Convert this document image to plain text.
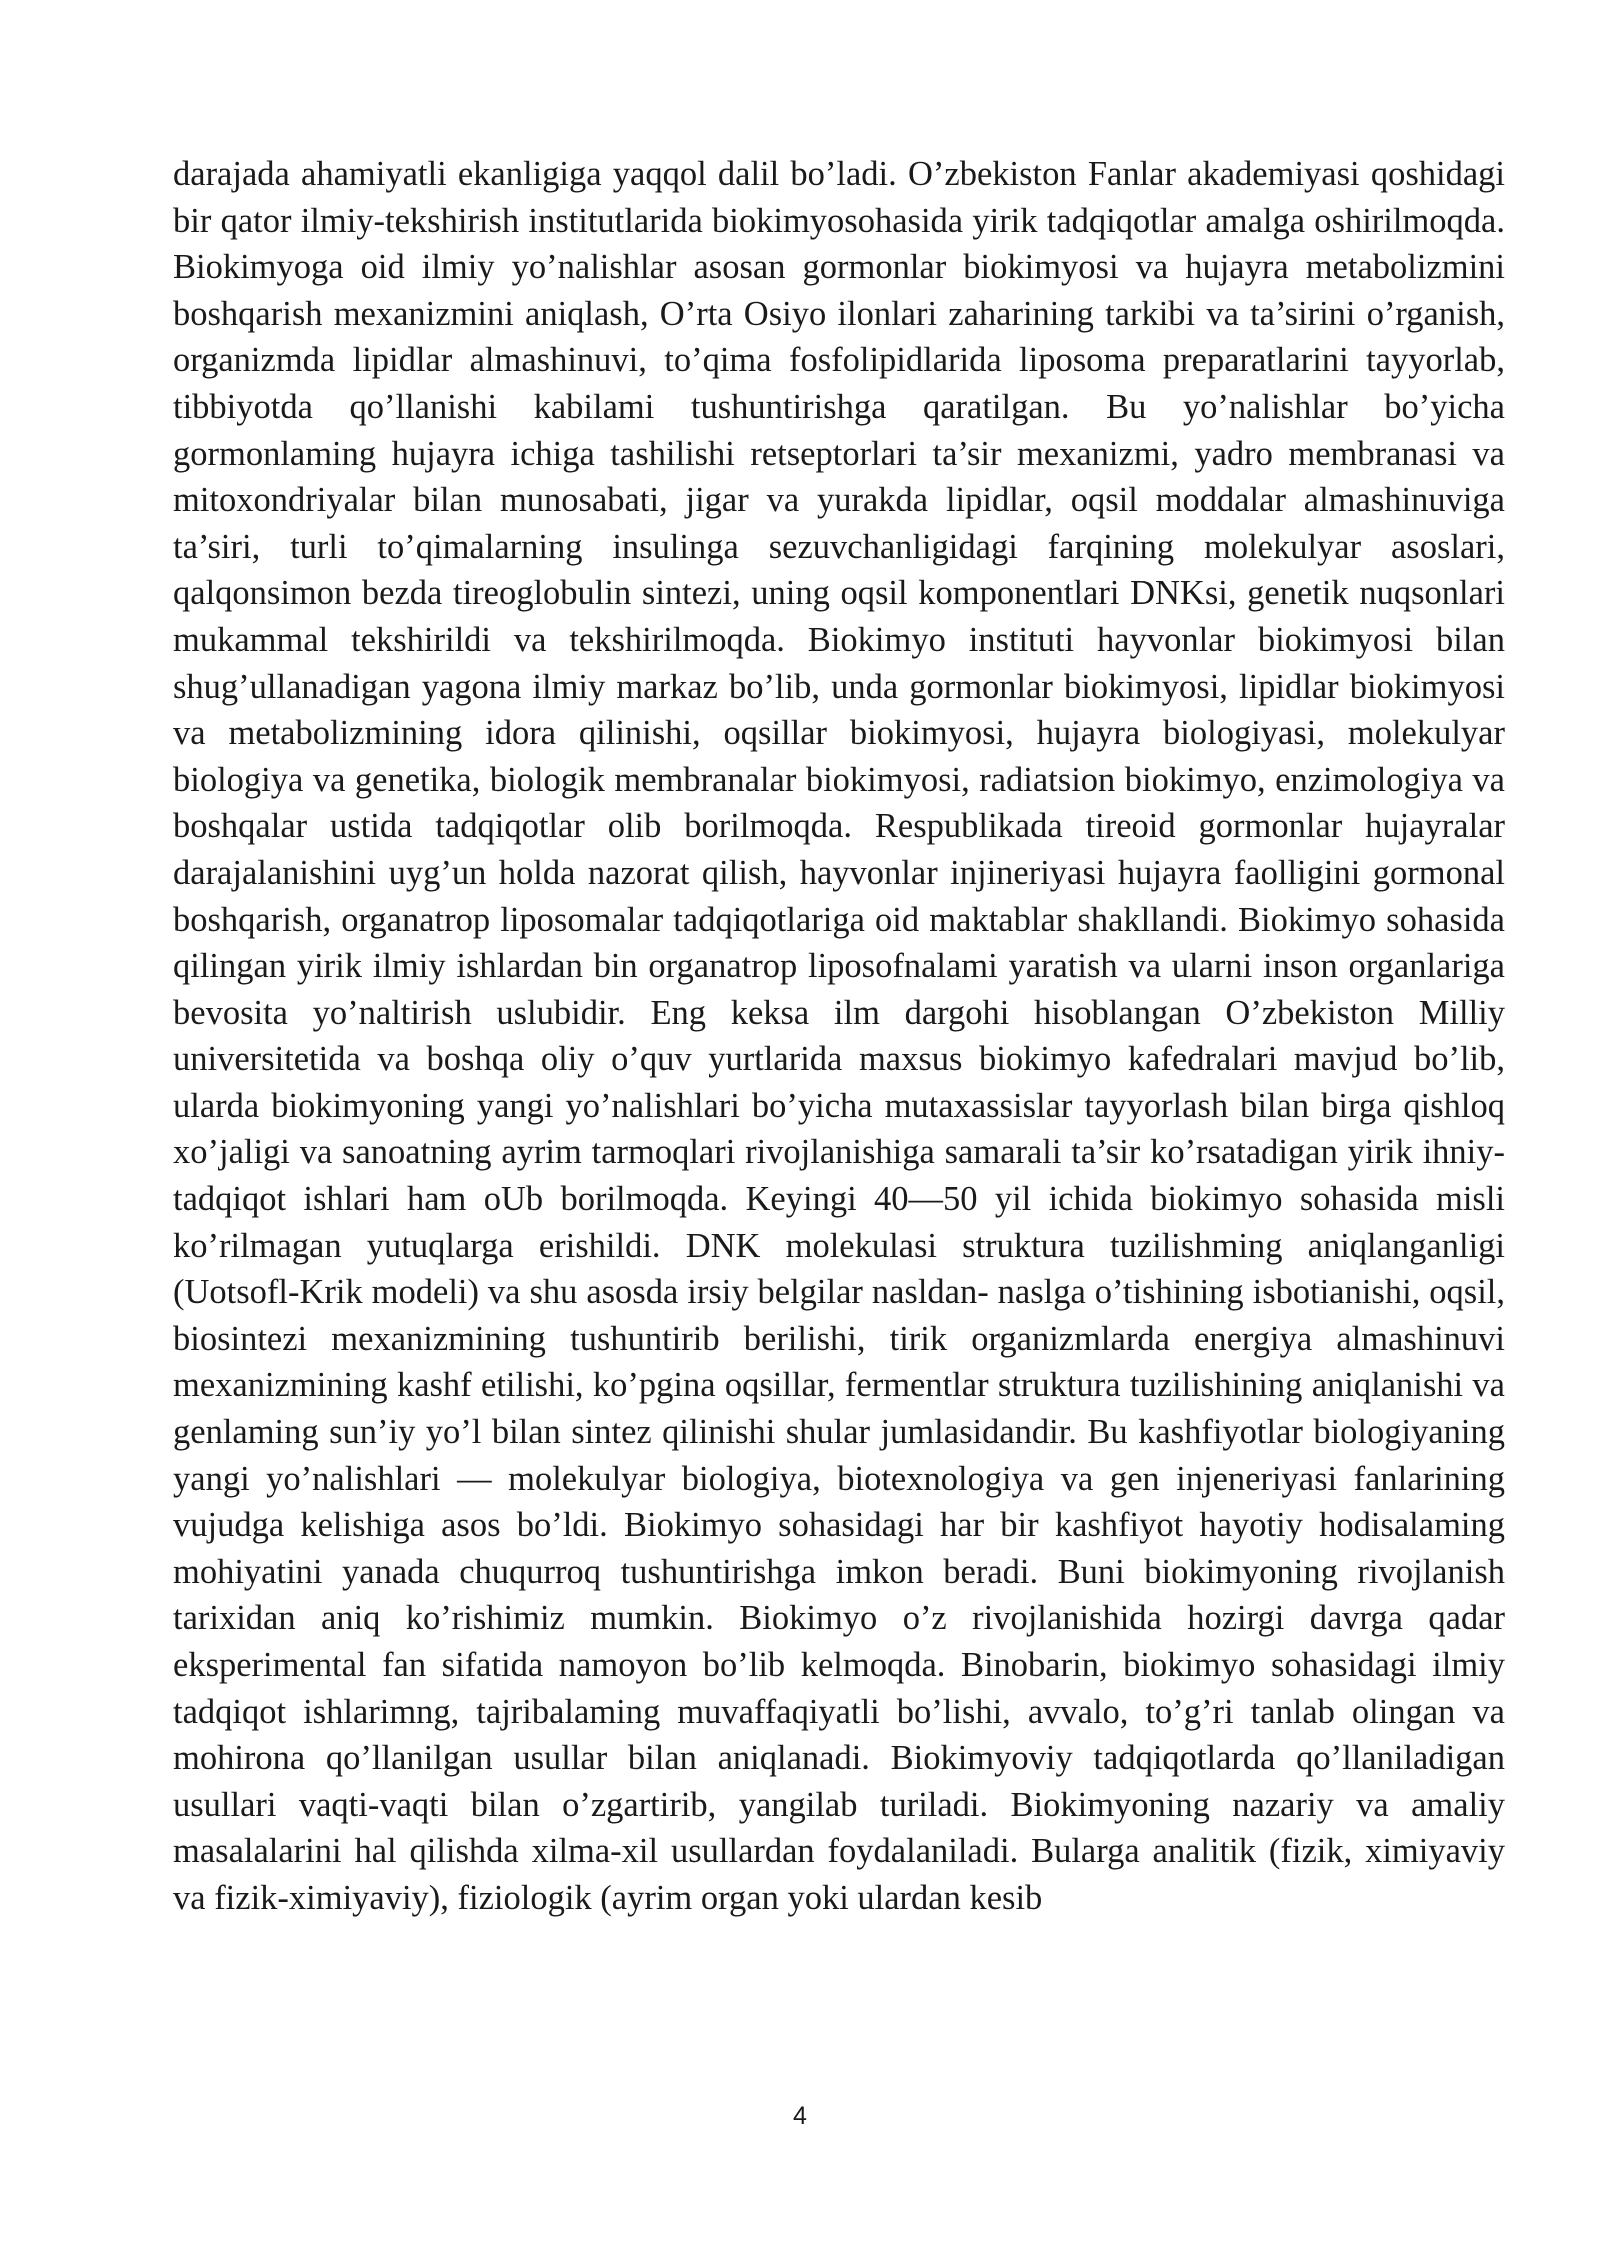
darajada ahamiyatli ekanligiga yaqqol dalil bo’ladi. O’zbekiston Fanlar akademiyasi qoshidagi bir qator ilmiy-tekshirish institutlarida biokimyosohasida yirik tadqiqotlar amalga oshirilmoqda. Biokimyoga oid ilmiy yo’nalishlar asosan gormonlar biokimyosi va hujayra metabolizmini boshqarish mexanizmini aniqlash, O’rta Osiyo ilonlari zaharining tarkibi va ta’sirini o’rganish, organizmda lipidlar almashinuvi, to’qima fosfolipidlarida liposoma preparatlarini tayyorlab, tibbiyotda qo’llanishi kabilami tushuntirishga qaratilgan. Bu yo’nalishlar bo’yicha gormonlaming hujayra ichiga tashilishi retseptorlari ta’sir mexanizmi, yadro membranasi va mitoxondriyalar bilan munosabati, jigar va yurakda lipidlar, oqsil moddalar almashinuviga ta’siri, turli to’qimalarning insulinga sezuvchanligidagi farqining molekulyar asoslari, qalqonsimon bezda tireoglobulin sintezi, uning oqsil komponentlari DNKsi, genetik nuqsonlari mukammal tekshirildi va tekshirilmoqda. Biokimyo instituti hayvonlar biokimyosi bilan shug’ullanadigan yagona ilmiy markaz bo’lib, unda gormonlar biokimyosi, lipidlar biokimyosi va metabolizmining idora qilinishi, oqsillar biokimyosi, hujayra biologiyasi, molekulyar biologiya va genetika, biologik membranalar biokimyosi, radiatsion biokimyo, enzimologiya va boshqalar ustida tadqiqotlar olib borilmoqda. Respublikada tireoid gormonlar hujayralar darajalanishini uyg’un holda nazorat qilish, hayvonlar injineriyasi hujayra faolligini gormonal boshqarish, organatrop liposomalar tadqiqotlariga oid maktablar shakllandi. Biokimyo sohasida qilingan yirik ilmiy ishlardan bin organatrop liposofnalami yaratish va ularni inson organlariga bevosita yo’naltirish uslubidir. Eng keksa ilm dargohi hisoblangan O’zbekiston Milliy universitetida va boshqa oliy o’quv yurtlarida maxsus biokimyo kafedralari mavjud bo’lib, ularda biokimyoning yangi yo’nalishlari bo’yicha mutaxassislar tayyorlash bilan birga qishloq xo’jaligi va sanoatning ayrim tarmoqlari rivojlanishiga samarali ta’sir ko’rsatadigan yirik ihniy-tadqiqot ishlari ham oUb borilmoqda. Keyingi 40—50 yil ichida biokimyo sohasida misli ko’rilmagan yutuqlarga erishildi. DNK molekulasi struktura tuzilishming aniqlanganligi (Uotsofl-Krik modeli) va shu asosda irsiy belgilar nasldan- naslga o’tishining isbotianishi, oqsil, biosintezi mexanizmining tushuntirib berilishi, tirik organizmlarda energiya almashinuvi mexanizmining kashf etilishi, ko’pgina oqsillar, fermentlar struktura tuzilishining aniqlanishi va genlaming sun’iy yo’l bilan sintez qilinishi shular jumlasidandir. Bu kashfiyotlar biologiyaning yangi yo’nalishlari — molekulyar biologiya, biotexnologiya va gen injeneriyasi fanlarining vujudga kelishiga asos bo’ldi. Biokimyo sohasidagi har bir kashfiyot hayotiy hodisalaming mohiyatini yanada chuqurroq tushuntirishga imkon beradi. Buni biokimyoning rivojlanish tarixidan aniq ko’rishimiz mumkin. Biokimyo o’z rivojlanishida hozirgi davrga qadar eksperimental fan sifatida namoyon bo’lib kelmoqda. Binobarin, biokimyo sohasidagi ilmiy tadqiqot ishlarimng, tajribalaming muvaffaqiyatli bo’lishi, avvalo, to’g’ri tanlab olingan va mohirona qo’llanilgan usullar bilan aniqlanadi. Biokimyoviy tadqiqotlarda qo’llaniladigan usullari vaqti-vaqti bilan o’zgartirib, yangilab turiladi. Biokimyoning nazariy va amaliy masalalarini hal qilishda xilma-xil usullardan foydalaniladi. Bularga analitik (fizik, ximiyaviy va fizik-ximiyaviy), fiziologik (ayrim organ yoki ulardan kesib

4
